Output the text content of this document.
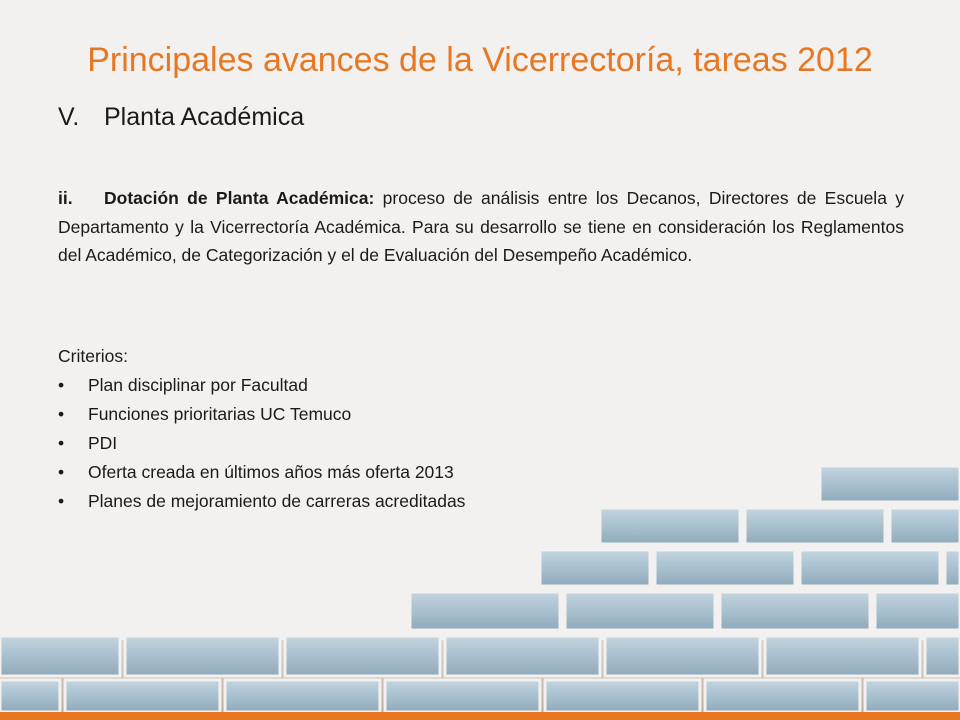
Principales avances de la Vicerrectoría, tareas 2012
V. Planta Académica

ii. Dotación de Planta Académica: proceso de análisis entre los Decanos, Directores de Escuela y Departamento y la Vicerrectoría Académica. Para su desarrollo se tiene en consideración los Reglamentos del Académico, de Categorización y el de Evaluación del Desempeño Académico.

Criterios:
• Plan disciplinar por Facultad
• Funciones prioritarias UC Temuco
• PDI
• Oferta creada en últimos años más oferta 2013
• Planes de mejoramiento de carreras acreditadas
